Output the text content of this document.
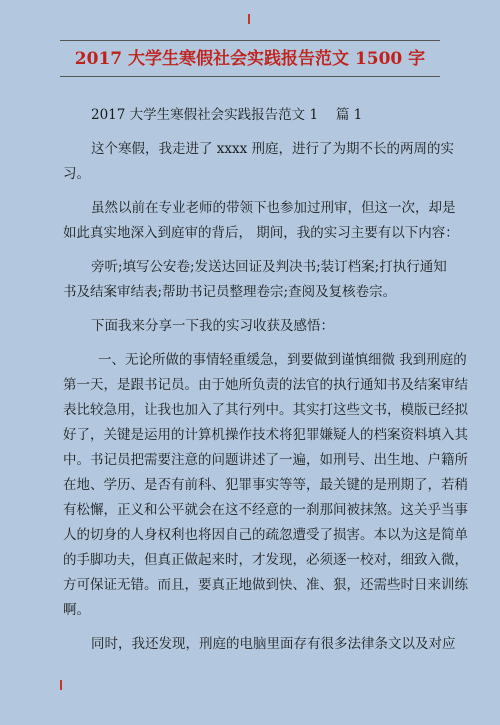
2017 大学生寒假社会实践报告范文 1500 字
2017 大学生寒假社会实践报告范文 1　 篇 1
这个寒假，我走进了 xxxx 刑庭，进行了为期不长的两周的实
习。
虽然以前在专业老师的带领下也参加过刑审，但这一次，却是
如此真实地深入到庭审的背后， 期间，我的实习主要有以下内容：
旁听;填写公安卷;发送达回证及判决书;装订档案;打执行通知
书及结案审结表;帮助书记员整理卷宗;查阅及复核卷宗。
下面我来分享一下我的实习收获及感悟：
一、无论所做的事情轻重缓急，到要做到谨慎细微 我到刑庭的
第一天，是跟书记员。由于她所负责的法官的执行通知书及结案审结
表比较急用，让我也加入了其行列中。其实打这些文书，模版已经拟
好了，关键是运用的计算机操作技术将犯罪嫌疑人的档案资料填入其
中。书记员把需要注意的问题讲述了一遍，如刑号、出生地、户籍所
在地、学历、是否有前科、犯罪事实等等，最关键的是刑期了，若稍
有松懈，正义和公平就会在这不经意的一刹那间被抹煞。这关乎当事
人的切身的人身权利也将因自己的疏忽遭受了损害。本以为这是简单
的手脚功夫，但真正做起来时，才发现，必须逐一校对，细致入微，
方可保证无错。而且，要真正地做到快、准、狠，还需些时日来训练
啊。
同时，我还发现，刑庭的电脑里面存有很多法律条文以及对应
